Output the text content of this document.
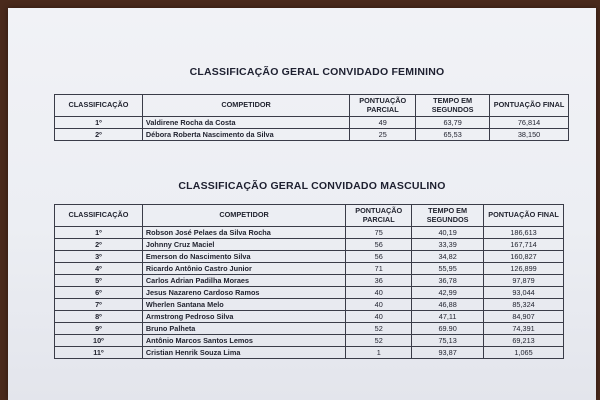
CLASSIFICAÇÃO GERAL CONVIDADO FEMININO
CLASSIFICAÇÃO	COMPETIDOR	PONTUAÇÃO PARCIAL	TEMPO EM SEGUNDOS	PONTUAÇÃO FINAL
1º	Valdirene Rocha da Costa	49	63,79	76,814
2º	Débora Roberta Nascimento da Silva	25	65,53	38,150
CLASSIFICAÇÃO GERAL CONVIDADO MASCULINO
CLASSIFICAÇÃO	COMPETIDOR	PONTUAÇÃO PARCIAL	TEMPO EM SEGUNDOS	PONTUAÇÃO FINAL
1º	Robson José Pelaes da Silva Rocha	75	40,19	186,613
2º	Johnny Cruz Maciel	56	33,39	167,714
3º	Emerson do Nascimento Silva	56	34,82	160,827
4º	Ricardo Antônio Castro Junior	71	55,95	126,899
5º	Carlos Adrian Padilha Moraes	36	36,78	97,879
6º	Jesus Nazareno Cardoso Ramos	40	42,99	93,044
7º	Wherlen Santana Melo	40	46,88	85,324
8º	Armstrong Pedroso Silva	40	47,11	84,907
9º	Bruno Palheta	52	69.90	74,391
10º	Antônio Marcos Santos Lemos	52	75,13	69,213
11º	Cristian Henrik Souza Lima	1	93,87	1,065
